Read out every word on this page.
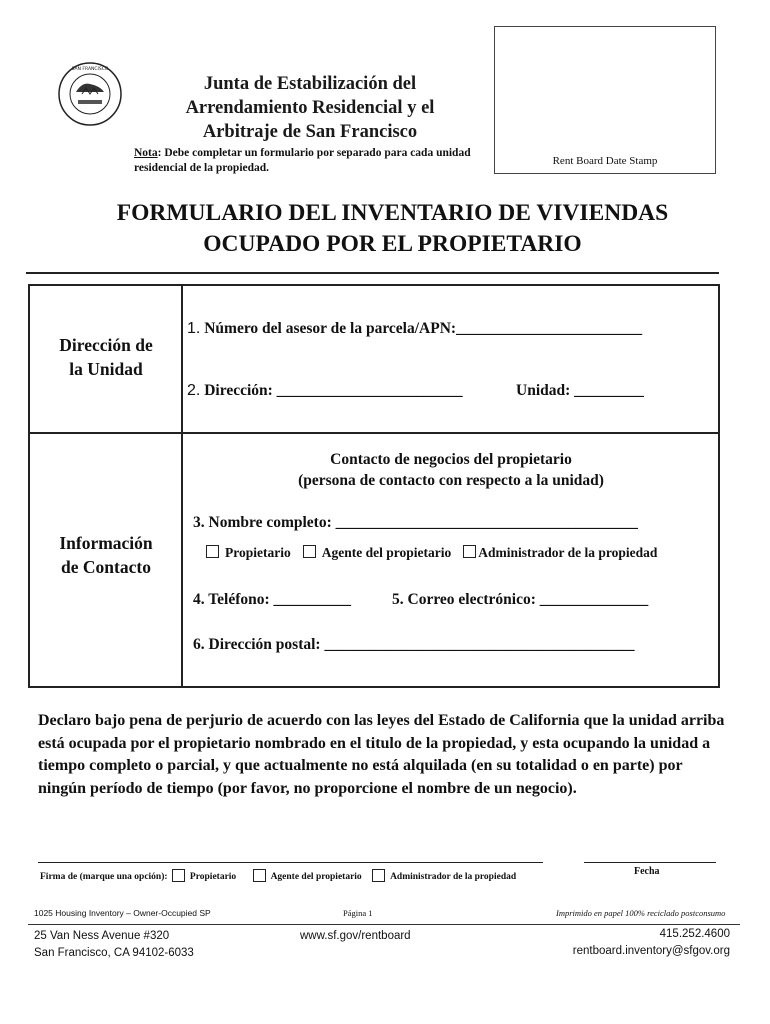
SAN FRANCISCO
Junta de Estabilización del
Arrendamiento Residencial y el
Arbitraje de San Francisco
Nota: Debe completar un formulario por separado para cada unidad residencial de la propiedad.
Rent Board Date Stamp
FORMULARIO DEL INVENTARIO DE VIVIENDAS
OCUPADO POR EL PROPIETARIO
Dirección de
la Unidad
1. Número del asesor de la parcela/APN:________________________
2. Dirección: ________________________	Unidad: _________
Información
de Contacto
Contacto de negocios del propietario
(persona de contacto con respecto a la unidad)
3. Nombre completo: _______________________________________
Propietario Agente del propietario Administrador de la propiedad
4. Teléfono: __________	5. Correo electrónico: ______________
6. Dirección postal: ________________________________________
Declaro bajo pena de perjurio de acuerdo con las leyes del Estado de California que la unidad arriba está ocupada por el propietario nombrado en el titulo de la propiedad, y esta ocupando la unidad a tiempo completo o parcial, y que actualmente no está alquilada (en su totalidad o en parte) por ningún período de tiempo (por favor, no proporcione el nombre de un negocio).
Firma de (marque una opción): Propietario	Agente del propietario	Administrador de la propiedad	Fecha
1025 Housing Inventory – Owner-Occupied SP	Página 1	Imprimido en papel 100% reciclado postconsumo
25 Van Ness Avenue #320
San Francisco, CA 94102-6033
www.sf.gov/rentboard	415.252.4600
rentboard.inventory@sfgov.org
